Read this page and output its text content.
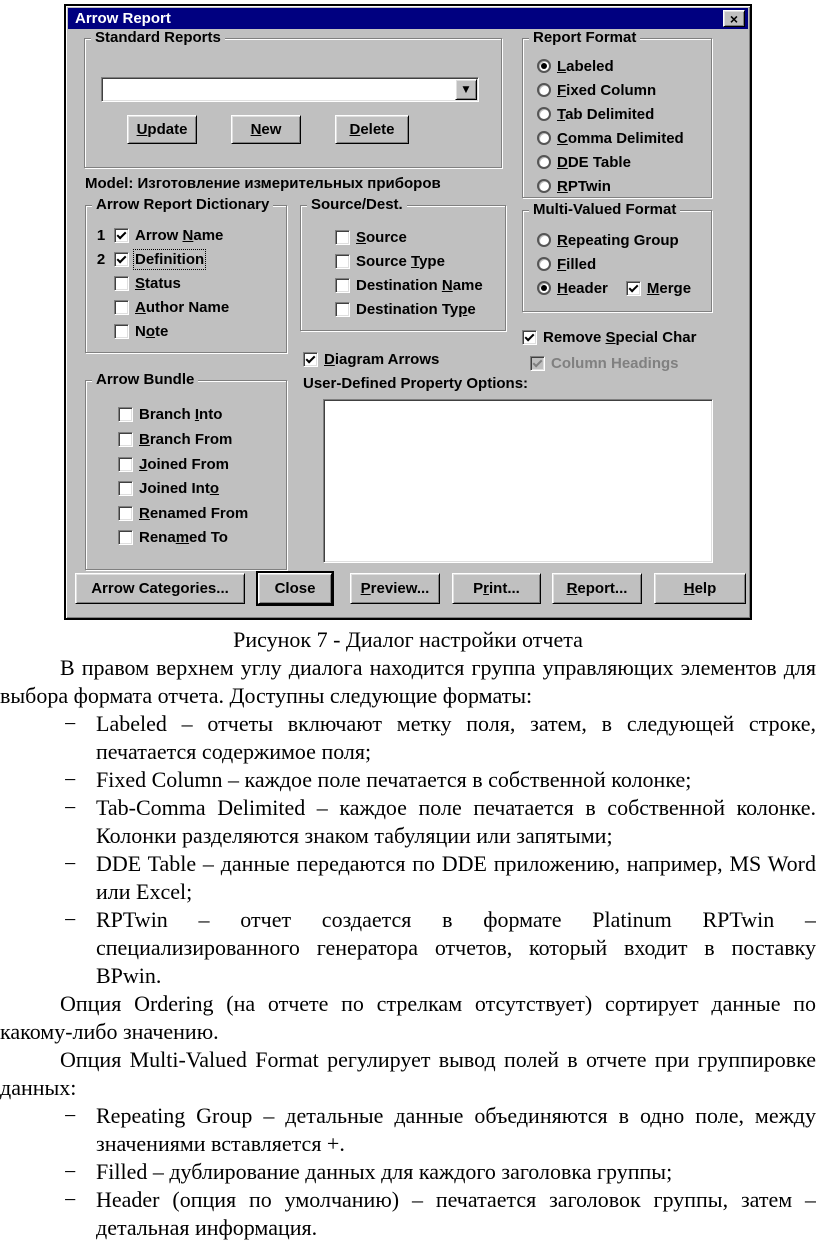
Arrow Report	×
Standard Reports
▼
U pdate	N ew	D elete
Report Format
Labeled
Fixed Column
Tab Delimited
Comma Delimited
DDE Table
RPTwin
Model: Изготовление измерительных приборов
Arrow Report Dictionary
1 Arrow Name
2 Definition
Status
Author Name
Note
Source/Dest.
Source
Source Type
Destination Name
Destination Type
Multi-Valued Format
Repeating Group
Filled
Header	Merge
Remove Special Char
Column Headings
Diagram Arrows
User-Defined Property Options:
Arrow Bundle
Branch Into
Branch From
Joined From
Joined Into
Renamed From
Renamed To
Arrow Cate g ories...	Close	P review...	P r int...	R eport...	H elp

Рисунок 7 - Диалог настройки отчета

В правом верхнем углу диалога находится группа управляющих элементов для выбора формата отчета. Доступны следующие форматы:

− Labeled – отчеты включают метку поля, затем, в следующей строке, печатается содержимое поля;
− Fixed Column – каждое поле печатается в собственной колонке;
− Tab-Comma Delimited – каждое поле печатается в собственной колонке. Колонки разделяются знаком табуляции или запятыми;
− DDE Table – данные передаются по DDE приложению, например, MS Word или Excel;
− RPTwin – отчет создается в формате Platinum RPTwin – специализированного генератора отчетов, который входит в поставку BPwin.

Опция Ordering (на отчете по стрелкам отсутствует) сортирует данные по какому-либо значению.

Опция Multi-Valued Format регулирует вывод полей в отчете при группировке данных:

− Repeating Group – детальные данные объединяются в одно поле, между значениями вставляется +.
− Filled – дублирование данных для каждого заголовка группы;
− Header (опция по умолчанию) – печатается заголовок группы, затем – детальная информация.
